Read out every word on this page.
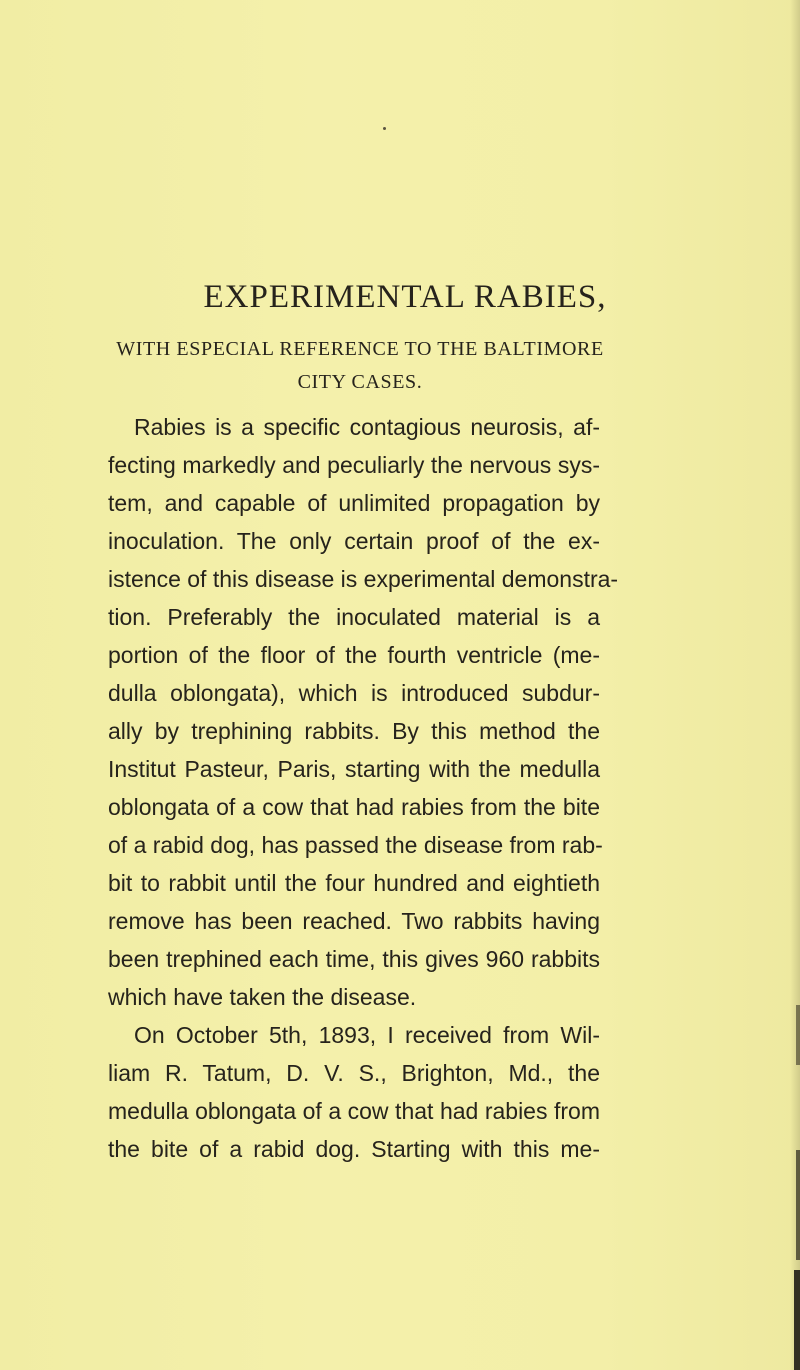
EXPERIMENTAL RABIES,
WITH ESPECIAL REFERENCE TO THE BALTIMORE
CITY CASES.
Rabies is a specific contagious neurosis, af-
fecting markedly and peculiarly the nervous sys-
tem, and capable of unlimited propagation by
inoculation. The only certain proof of the ex-
istence of this disease is experimental demonstra-
tion. Preferably the inoculated material is a
portion of the floor of the fourth ventricle (me-
dulla oblongata), which is introduced subdur-
ally by trephining rabbits. By this method the
Institut Pasteur, Paris, starting with the medulla
oblongata of a cow that had rabies from the bite
of a rabid dog, has passed the disease from rab-
bit to rabbit until the four hundred and eightieth
remove has been reached. Two rabbits having
been trephined each time, this gives 960 rabbits
which have taken the disease.
On October 5th, 1893, I received from Wil-
liam R. Tatum, D. V. S., Brighton, Md., the
medulla oblongata of a cow that had rabies from
the bite of a rabid dog. Starting with this me-
